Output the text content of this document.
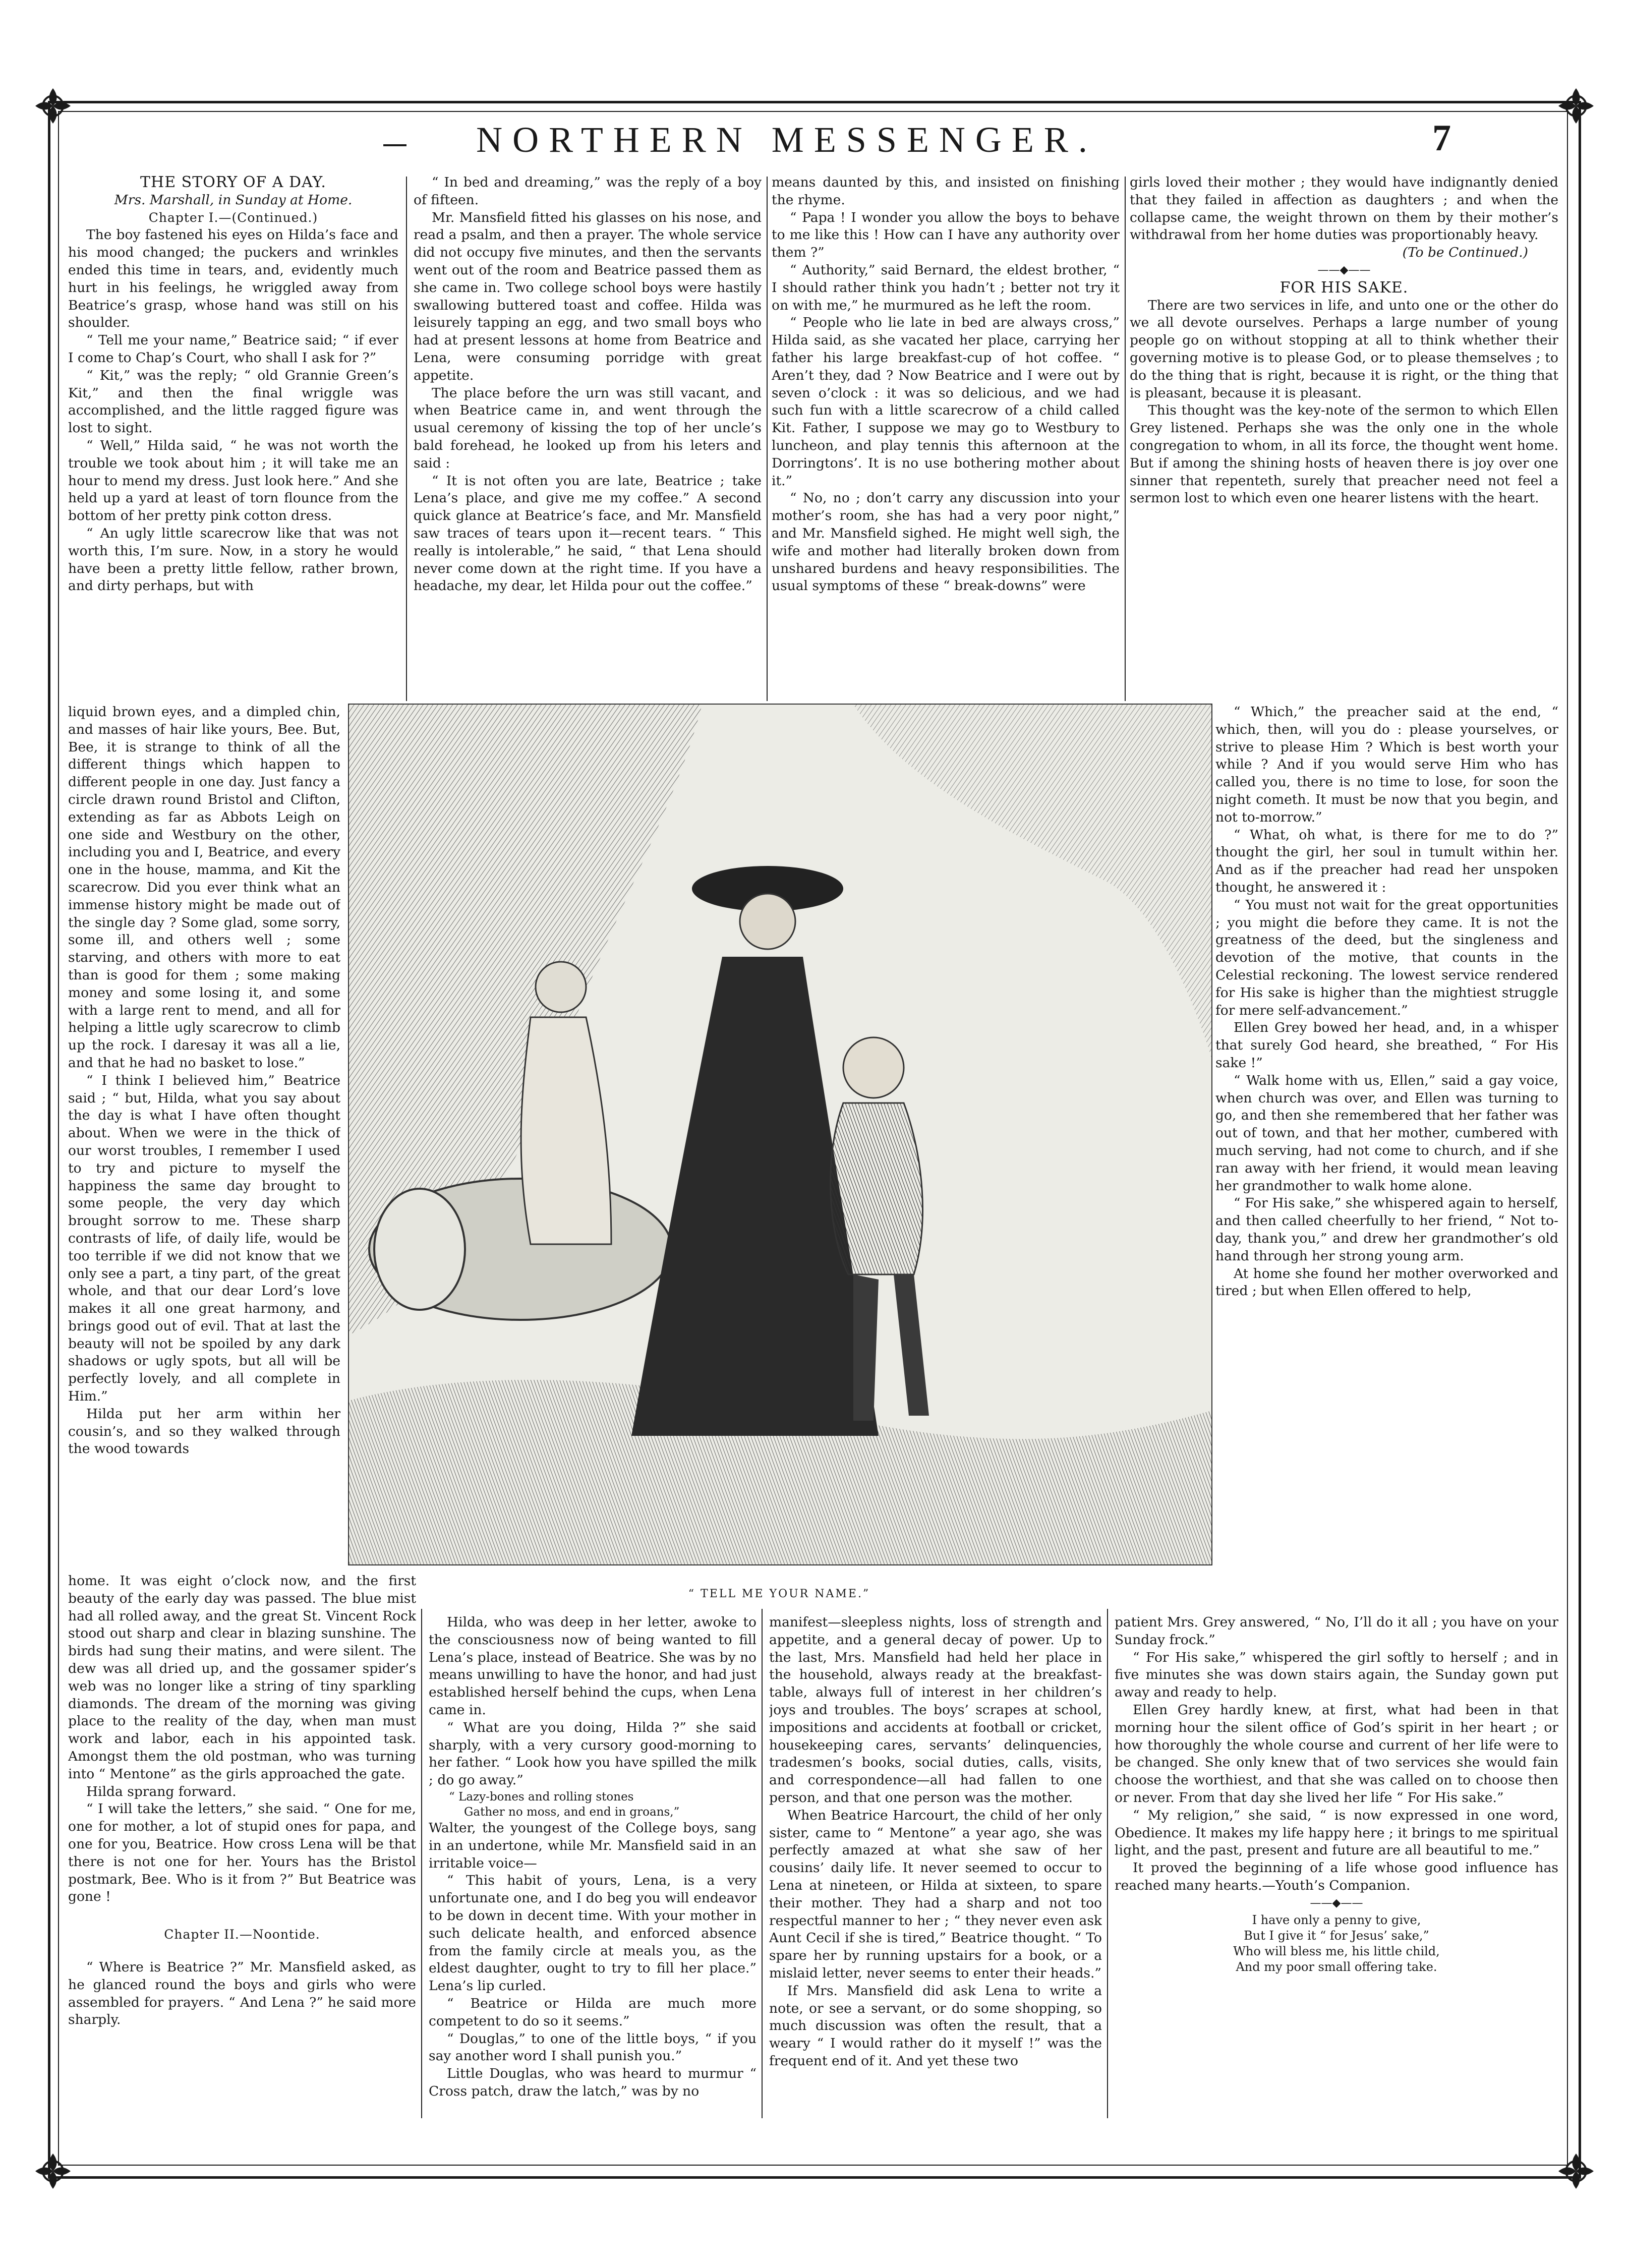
NORTHERN MESSENGER.	7

THE STORY OF A DAY.

Mrs. Marshall, in Sunday at Home.

Chapter I.—(Continued.)

The boy fastened his eyes on Hilda’s face and his mood changed; the puckers and wrinkles ended this time in tears, and, evidently much hurt in his feelings, he wriggled away from Beatrice’s grasp, whose hand was still on his shoulder.

“ Tell me your name,” Beatrice said; “ if ever I come to Chap’s Court, who shall I ask for ?”

“ Kit,” was the reply; “ old Grannie Green’s Kit,” and then the final wriggle was accomplished, and the little ragged figure was lost to sight.

“ Well,” Hilda said, “ he was not worth the trouble we took about him ; it will take me an hour to mend my dress. Just look here.” And she held up a yard at least of torn flounce from the bottom of her pretty pink cotton dress.

“ An ugly little scarecrow like that was not worth this, I’m sure. Now, in a story he would have been a pretty little fellow, rather brown, and dirty perhaps, but with

liquid brown eyes, and a dimpled chin, and masses of hair like yours, Bee. But, Bee, it is strange to think of all the different things which happen to different people in one day. Just fancy a circle drawn round Bristol and Clifton, extending as far as Abbots Leigh on one side and Westbury on the other, including you and I, Beatrice, and every one in the house, mamma, and Kit the scarecrow. Did you ever think what an immense history might be made out of the single day ? Some glad, some sorry, some ill, and others well ; some starving, and others with more to eat than is good for them ; some making money and some losing it, and some with a large rent to mend, and all for helping a little ugly scarecrow to climb up the rock. I daresay it was all a lie, and that he had no basket to lose.”

“ I think I believed him,” Beatrice said ; “ but, Hilda, what you say about the day is what I have often thought about. When we were in the thick of our worst troubles, I remember I used to try and picture to myself the happiness the same day brought to some people, the very day which brought sorrow to me. These sharp contrasts of life, of daily life, would be too terrible if we did not know that we only see a part, a tiny part, of the great whole, and that our dear Lord’s love makes it all one great harmony, and brings good out of evil. That at last the beauty will not be spoiled by any dark shadows or ugly spots, but all will be perfectly lovely, and all complete in Him.”

Hilda put her arm within her cousin’s, and so they walked through the wood towards

home. It was eight o’clock now, and the first beauty of the early day was passed. The blue mist had all rolled away, and the great St. Vincent Rock stood out sharp and clear in blazing sunshine. The birds had sung their matins, and were silent. The dew was all dried up, and the gossamer spider’s web was no longer like a string of tiny sparkling diamonds. The dream of the morning was giving place to the reality of the day, when man must work and labor, each in his appointed task. Amongst them the old postman, who was turning into “ Mentone” as the girls approached the gate.

Hilda sprang forward.

“ I will take the letters,” she said. “ One for me, one for mother, a lot of stupid ones for papa, and one for you, Beatrice. How cross Lena will be that there is not one for her. Yours has the Bristol postmark, Bee. Who is it from ?” But Beatrice was gone !

Chapter II.—Noontide.

“ Where is Beatrice ?” Mr. Mansfield asked, as he glanced round the boys and girls who were assembled for prayers. “ And Lena ?” he said more sharply.

“ In bed and dreaming,” was the reply of a boy of fifteen.

Mr. Mansfield fitted his glasses on his nose, and read a psalm, and then a prayer. The whole service did not occupy five minutes, and then the servants went out of the room and Beatrice passed them as she came in. Two college school boys were hastily swallowing buttered toast and coffee. Hilda was leisurely tapping an egg, and two small boys who had at present lessons at home from Beatrice and Lena, were consuming porridge with great appetite.

The place before the urn was still vacant, and when Beatrice came in, and went through the usual ceremony of kissing the top of her uncle’s bald forehead, he looked up from his leters and said :

“ It is not often you are late, Beatrice ; take Lena’s place, and give me my coffee.” A second quick glance at Beatrice’s face, and Mr. Mansfield saw traces of tears upon it—recent tears. “ This really is intolerable,” he said, “ that Lena should never come down at the right time. If you have a headache, my dear, let Hilda pour out the coffee.”

means daunted by this, and insisted on finishing the rhyme.

“ Papa ! I wonder you allow the boys to behave to me like this ! How can I have any authority over them ?”

“ Authority,” said Bernard, the eldest brother, “ I should rather think you hadn’t ; better not try it on with me,” he murmured as he left the room.

“ People who lie late in bed are always cross,” Hilda said, as she vacated her place, carrying her father his large breakfast-cup of hot coffee. “ Aren’t they, dad ? Now Beatrice and I were out by seven o’clock : it was so delicious, and we had such fun with a little scarecrow of a child called Kit. Father, I suppose we may go to Westbury to luncheon, and play tennis this afternoon at the Dorringtons’. It is no use bothering mother about it.”

“ No, no ; don’t carry any discussion into your mother’s room, she has had a very poor night,” and Mr. Mansfield sighed. He might well sigh, the wife and mother had literally broken down from unshared burdens and heavy responsibilities. The usual symptoms of these “ break-downs” were

girls loved their mother ; they would have indignantly denied that they failed in affection as daughters ; and when the collapse came, the weight thrown on them by their mother’s withdrawal from her home duties was proportionably heavy.

(To be Continued.)

——◆——

FOR HIS SAKE.

There are two services in life, and unto one or the other do we all devote ourselves. Perhaps a large number of young people go on without stopping at all to think whether their governing motive is to please God, or to please themselves ; to do the thing that is right, because it is right, or the thing that is pleasant, because it is pleasant.

This thought was the key-note of the sermon to which Ellen Grey listened. Perhaps she was the only one in the whole congregation to whom, in all its force, the thought went home. But if among the shining hosts of heaven there is joy over one sinner that repenteth, surely that preacher need not feel a sermon lost to which even one hearer listens with the heart.

“ Which,” the preacher said at the end, “ which, then, will you do : please yourselves, or strive to please Him ? Which is best worth your while ? And if you would serve Him who has called you, there is no time to lose, for soon the night cometh. It must be now that you begin, and not to-morrow.”

“ What, oh what, is there for me to do ?” thought the girl, her soul in tumult within her. And as if the preacher had read her unspoken thought, he answered it :

“ You must not wait for the great opportunities ; you might die before they came. It is not the greatness of the deed, but the singleness and devotion of the motive, that counts in the Celestial reckoning. The lowest service rendered for His sake is higher than the mightiest struggle for mere self-advancement.”

Ellen Grey bowed her head, and, in a whisper that surely God heard, she breathed, “ For His sake !”

“ Walk home with us, Ellen,” said a gay voice, when church was over, and Ellen was turning to go, and then she remembered that her father was out of town, and that her mother, cumbered with much serving, had not come to church, and if she ran away with her friend, it would mean leaving her grandmother to walk home alone.

“ For His sake,” she whispered again to herself, and then called cheerfully to her friend, “ Not to-day, thank you,” and drew her grandmother’s old hand through her strong young arm.

At home she found her mother overworked and tired ; but when Ellen offered to help,

“ TELL ME YOUR NAME.”

Hilda, who was deep in her letter, awoke to the consciousness now of being wanted to fill Lena’s place, instead of Beatrice. She was by no means unwilling to have the honor, and had just established herself behind the cups, when Lena came in.

“ What are you doing, Hilda ?” she said sharply, with a very cursory good-morning to her father. “ Look how you have spilled the milk ; do go away.”

“ Lazy-bones and rolling stones

Gather no moss, and end in groans,”

Walter, the youngest of the College boys, sang in an undertone, while Mr. Mansfield said in an irritable voice—

“ This habit of yours, Lena, is a very unfortunate one, and I do beg you will endeavor to be down in decent time. With your mother in such delicate health, and enforced absence from the family circle at meals you, as the eldest daughter, ought to try to fill her place.” Lena’s lip curled.

“ Beatrice or Hilda are much more competent to do so it seems.”

“ Douglas,” to one of the little boys, “ if you say another word I shall punish you.”

Little Douglas, who was heard to murmur “ Cross patch, draw the latch,” was by no

manifest—sleepless nights, loss of strength and appetite, and a general decay of power. Up to the last, Mrs. Mansfield had held her place in the household, always ready at the breakfast-table, always full of interest in her children’s joys and troubles. The boys’ scrapes at school, impositions and accidents at football or cricket, housekeeping cares, servants’ delinquencies, tradesmen’s books, social duties, calls, visits, and correspondence—all had fallen to one person, and that one person was the mother.

When Beatrice Harcourt, the child of her only sister, came to “ Mentone” a year ago, she was perfectly amazed at what she saw of her cousins’ daily life. It never seemed to occur to Lena at nineteen, or Hilda at sixteen, to spare their mother. They had a sharp and not too respectful manner to her ; “ they never even ask Aunt Cecil if she is tired,” Beatrice thought. “ To spare her by running upstairs for a book, or a mislaid letter, never seems to enter their heads.”

If Mrs. Mansfield did ask Lena to write a note, or see a servant, or do some shopping, so much discussion was often the result, that a weary “ I would rather do it myself !” was the frequent end of it. And yet these two

patient Mrs. Grey answered, “ No, I’ll do it all ; you have on your Sunday frock.”

“ For His sake,” whispered the girl softly to herself ; and in five minutes she was down stairs again, the Sunday gown put away and ready to help.

Ellen Grey hardly knew, at first, what had been in that morning hour the silent office of God’s spirit in her heart ; or how thoroughly the whole course and current of her life were to be changed. She only knew that of two services she would fain choose the worthiest, and that she was called on to choose then or never. From that day she lived her life “ For His sake.”

“ My religion,” she said, “ is now expressed in one word, Obedience. It makes my life happy here ; it brings to me spiritual light, and the past, present and future are all beautiful to me.”

It proved the beginning of a life whose good influence has reached many hearts.—Youth’s Companion.

——◆——

I have only a penny to give,

But I give it “ for Jesus’ sake,”

Who will bless me, his little child,

And my poor small offering take.
